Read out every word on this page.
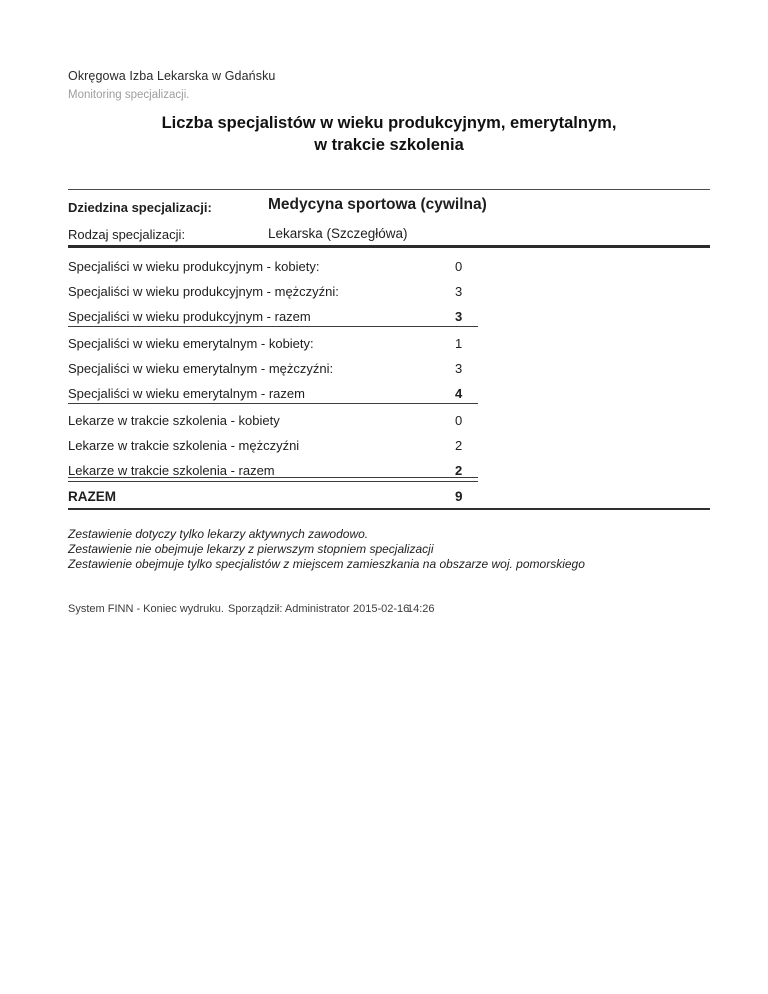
Okręgowa Izba Lekarska w Gdańsku
Monitoring specjalizacji.
Liczba specjalistów w wieku produkcyjnym, emerytalnym,
w trakcie szkolenia
Dziedzina specjalizacji:	Medycyna sportowa (cywilna)
Rodzaj specjalizacji:	Lekarska (Szczegłówa)
Specjaliści w wieku produkcyjnym - kobiety:	0
Specjaliści w wieku produkcyjnym - mężczyźni:	3
Specjaliści w wieku produkcyjnym - razem	3
Specjaliści w wieku emerytalnym - kobiety:	1
Specjaliści w wieku emerytalnym - mężczyźni:	3
Specjaliści w wieku emerytalnym - razem	4
Lekarze w trakcie szkolenia - kobiety	0
Lekarze w trakcie szkolenia - mężczyźni	2
Lekarze w trakcie szkolenia - razem	2
RAZEM	9
Zestawienie dotyczy tylko lekarzy aktywnych zawodowo.
Zestawienie nie obejmuje lekarzy z pierwszym stopniem specjalizacji
Zestawienie obejmuje tylko specjalistów z miejscem zamieszkania na obszarze woj. pomorskiego
System FINN - Koniec wydruku. Sporządził: Administrator 2015-02-16
14:26
